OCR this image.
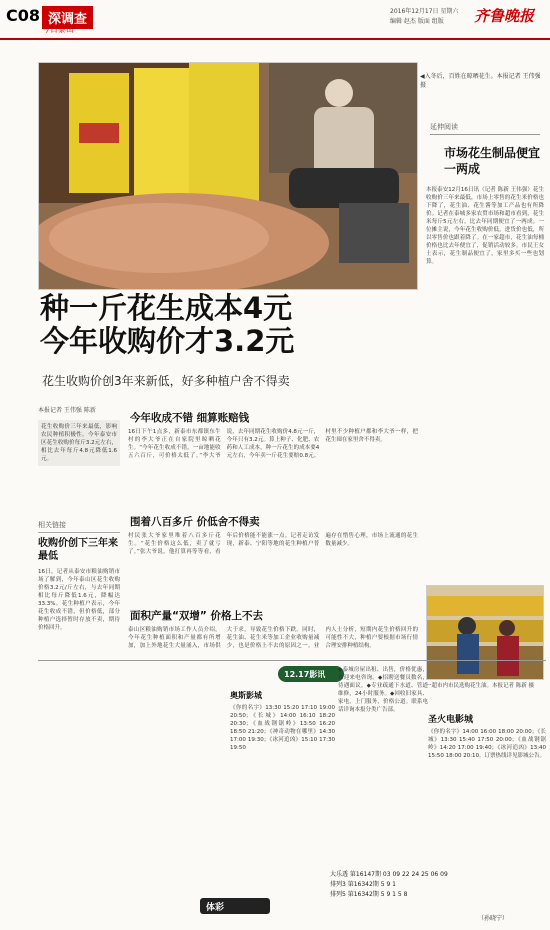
C08 深调查
今日泰山
2016年12月17日 星期六
编辑 赵杰 版面 组版 齐鲁晚报
◀入冬后，百姓在晾晒花生。本报记者 王伟强 摄
种一斤花生成本4元
今年收购价才3.2元
花生收购价创3年来新低，好多种植户舍不得卖
本报记者 王伟强 陈新
花生收购价三年来最低，影响农民种植积极性。今年泰安市区花生收购价每斤3.2元左右，相比去年每斤4.8元降低1.6元。
相关链接
收购价创下三年来最低
16日，记者从泰安市粮油购销市场了解到，今年泰山区花生收购价格3.2元/斤左右，与去年同期相比每斤降低1.6元，降幅达33.3%。花生种植户表示，今年花生收成不错，但价格低，部分种植户选择暂时存放不卖，期待价格回升。
今年收成不错 细算账赔钱
16日下午1点多，新泰市东都镇东牛村的李大爷正在自家院里晾晒花生。“今年花生收成不错，一亩地能收五六百斤，可价格太低了。”李大爷说，去年同期花生收购价4.8元一斤，今年只有3.2元。算上种子、化肥、农药和人工成本，种一斤花生的成本要4元左右，今年卖一斤花生要赔0.8元。村里不少种植户都和李大爷一样，把花生囤在家里舍不得卖。
围着八百多斤 价低舍不得卖
村民张大爷家里堆着八百多斤花生。“花生价格这么低，卖了就亏了。”张大爷说，他打算再等等看，看年后价格能不能涨一点。记者走访发现，新泰、宁阳等地的花生种植户普遍存在惜售心理，市场上流通的花生数量减少。
面积产量“双增” 价格上不去
泰山区粮油购销市场工作人员介绍，今年花生种植面积和产量都有所增加，加上外地花生大量涌入，市场供大于求，导致花生价格下跌。同时，花生油、花生米等加工企业收购量减少，也是价格上不去的原因之一。业内人士分析，短期内花生价格回升的可能性不大，种植户要根据市场行情合理安排种植结构。
延伸阅读
市场花生制品便宜一两成
本报泰安12月16日讯（记者 陈新 王伟强）花生收购价三年来最低，市场上零售的花生米价格也下降了，花生油、花生酱等加工产品也有所降价。记者在泰城多家农贸市场和超市看到，花生米每斤5元左右，比去年同期便宜了一两成。一位摊主说，今年花生收购价低，进货价也低，所以零售价也跟着降了。在一家超市，花生油每桶价格也比去年便宜了，促销活动较多。市民王女士表示，花生制品便宜了，家里多买一些也划算。
一超市内市民选购花生油。本报记者 陈新 摄
12.17影讯
奥斯影城
《你的名字》13:30 15:20 17:10 19:00 20:50；《长城》14:00 16:10 18:20 20:30；《血战钢锯岭》13:50 16:20 18:50 21:20；《神奇动物在哪里》14:30 17:00 19:30；《冰河追凶》15:10 17:30 19:50
◆泰城房屋出租、出售，价格优惠，欢迎来电咨询。◆招聘送餐员数名，待遇面议。◆专业疏通下水道、管道维修，24小时服务。◆回收旧家具、家电，上门服务，价格公道。联系电话详询本报分类广告部。
圣火电影城
《你的名字》14:00 16:00 18:00 20:00；《长城》13:30 15:40 17:50 20:00；《血战钢锯岭》14:20 17:00 19:40；《冰河追凶》13:40 15:50 18:00 20:10。订票热线详见影城公告。
体彩
大乐透 第16147期 03 09 22 24 25 06 09
排列3 第16342期 5 9 1
排列5 第16342期 5 9 1 5 8
（孙晓宁）
